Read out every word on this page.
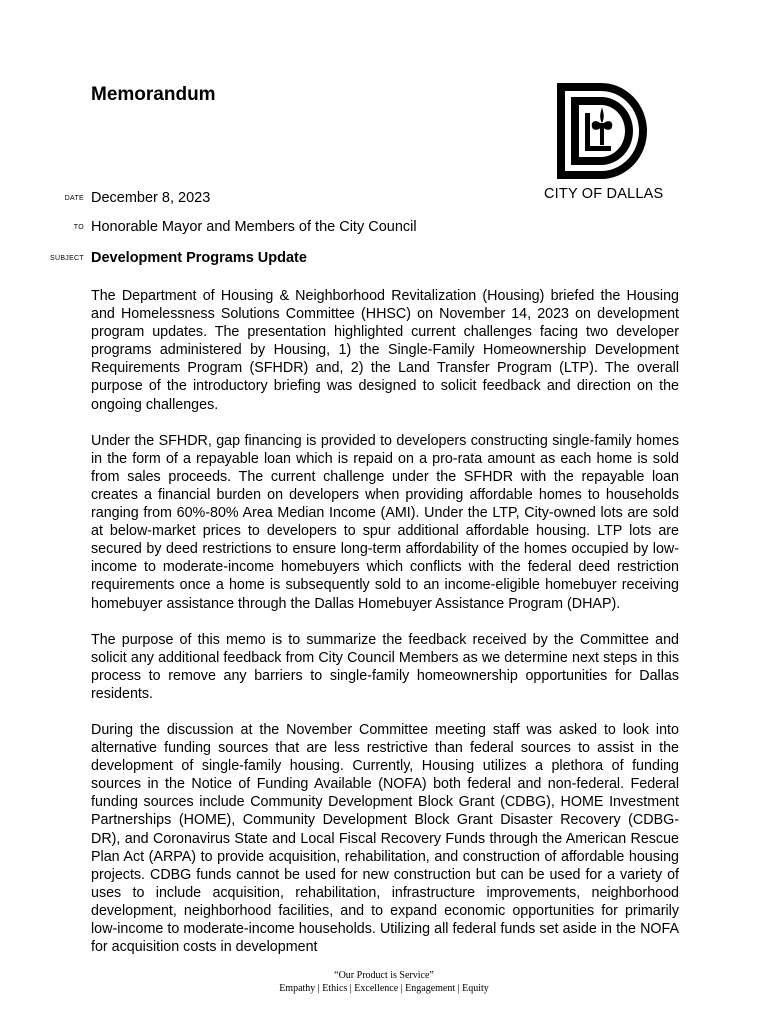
Memorandum
CITY OF DALLAS
DATE December 8, 2023
TO Honorable Mayor and Members of the City Council
SUBJECT Development Programs Update

The Department of Housing & Neighborhood Revitalization (Housing) briefed the Housing and Homelessness Solutions Committee (HHSC) on November 14, 2023 on development program updates. The presentation highlighted current challenges facing two developer programs administered by Housing, 1) the Single-Family Homeownership Development Requirements Program (SFHDR) and, 2) the Land Transfer Program (LTP). The overall purpose of the introductory briefing was designed to solicit feedback and direction on the ongoing challenges.

Under the SFHDR, gap financing is provided to developers constructing single-family homes in the form of a repayable loan which is repaid on a pro-rata amount as each home is sold from sales proceeds. The current challenge under the SFHDR with the repayable loan creates a financial burden on developers when providing affordable homes to households ranging from 60%-80% Area Median Income (AMI). Under the LTP, City-owned lots are sold at below-market prices to developers to spur additional affordable housing. LTP lots are secured by deed restrictions to ensure long-term affordability of the homes occupied by low-income to moderate-income homebuyers which conflicts with the federal deed restriction requirements once a home is subsequently sold to an income-eligible homebuyer receiving homebuyer assistance through the Dallas Homebuyer Assistance Program (DHAP).

The purpose of this memo is to summarize the feedback received by the Committee and solicit any additional feedback from City Council Members as we determine next steps in this process to remove any barriers to single-family homeownership opportunities for Dallas residents.

During the discussion at the November Committee meeting staff was asked to look into alternative funding sources that are less restrictive than federal sources to assist in the development of single-family housing. Currently, Housing utilizes a plethora of funding sources in the Notice of Funding Available (NOFA) both federal and non-federal. Federal funding sources include Community Development Block Grant (CDBG), HOME Investment Partnerships (HOME), Community Development Block Grant Disaster Recovery (CDBG-DR), and Coronavirus State and Local Fiscal Recovery Funds through the American Rescue Plan Act (ARPA) to provide acquisition, rehabilitation, and construction of affordable housing projects. CDBG funds cannot be used for new construction but can be used for a variety of uses to include acquisition, rehabilitation, infrastructure improvements, neighborhood development, neighborhood facilities, and to expand economic opportunities for primarily low-income to moderate-income households. Utilizing all federal funds set aside in the NOFA for acquisition costs in development

“Our Product is Service”
Empathy | Ethics | Excellence | Engagement | Equity
